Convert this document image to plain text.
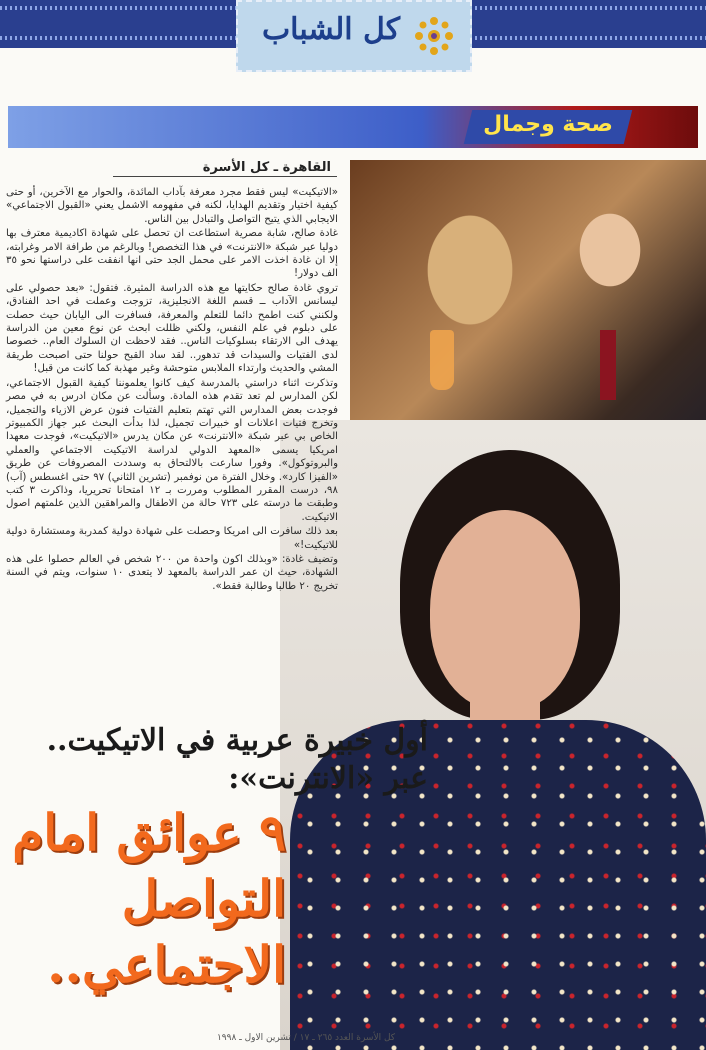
كل الشباب
صحة وجمال
القاهرة ـ كل الأسرة

«الاتيكيت» ليس فقط مجرد معرفة بآداب المائدة، والحوار مع الآخرين، أو حتى كيفية اختيار وتقديم الهدايا، لكنه في مفهومه الاشمل يعني «القبول الاجتماعي» الايجابي الذي يتيح التواصل والتبادل بين الناس.

غادة صالح، شابة مصرية استطاعت ان تحصل على شهادة اكاديمية معترف بها دوليا عبر شبكة «الانترنت» في هذا التخصص! وبالرغم من طرافة الامر وغرابته، إلا ان غادة اخذت الامر على محمل الجد حتى انها انفقت على دراستها نحو ٣٥ الف دولار!

تروي غادة صالح حكايتها مع هذه الدراسة المثيرة. فتقول: «بعد حصولي على ليسانس الآداب ــ قسم اللغة الانجليزية، تزوجت وعملت في احد الفنادق، ولكنني كنت اطمح دائما للتعلم والمعرفة، فسافرت الى اليابان حيث حصلت على دبلوم في علم النفس، ولكني ظللت ابحث عن نوع معين من الدراسة يهدف الى الارتقاء بسلوكيات الناس.. فقد لاحظت ان السلوك العام.. خصوصا لدى الفتيات والسيدات قد تدهور.. لقد ساد القبح حولنا حتى اصبحت طريقة المشي والحديث وارتداء الملابس متوحشة وغير مهذبة كما كانت من قبل!

وتذكرت اثناء دراستي بالمدرسة كيف كانوا يعلموننا كيفية القبول الاجتماعي، لكن المدارس لم تعد تقدم هذه المادة. وسألت عن مكان ادرس به في مصر فوجدت بعض المدارس التي تهتم بتعليم الفتيات فنون عرض الازياء والتجميل، وتخرج فتيات اعلانات او خبيرات تجميل، لذا بدأت البحث عبر جهاز الكمبيوتر الخاص بي عبر شبكة «الانترنت» عن مكان يدرس «الاتيكيت»، فوجدت معهدا امريكيا يسمى «المعهد الدولي لدراسة الاتيكيت الاجتماعي والعملي والبروتوكول». وفورا سارعت بالالتحاق به وسددت المصروفات عن طريق «الفيزا كارد». وخلال الفترة من نوفمبر (تشرين الثاني) ٩٧ حتى اغسطس (آب) ٩٨، درست المقرر المطلوب ومررت بـ ١٢ امتحانا تحريريا، وذاكرت ٣ كتب وطبقت ما درسته على ٧٢٣ حالة من الاطفال والمراهقين الذين علمتهم اصول الاتيكيت.

بعد ذلك سافرت الى امريكا وحصلت على شهادة دولية كمدربة ومستشارة دولية للاتيكيت!»

وتضيف غادة: «وبذلك اكون واحدة من ٢٠٠ شخص في العالم حصلوا على هذه الشهادة، حيث ان عمر الدراسة بالمعهد لا يتعدى ١٠ سنوات، ويتم في السنة تخريج ٢٠ طالبا وطالبة فقط».

أول خبيرة عربية في الاتيكيت..
عبر «الانترنت»:
٩ عوائق امام
التواصل
الاجتماعي..
كل الأسرة العدد ٢٦٥ ـ ١٧ / تشرين الاول ـ ١٩٩٨
